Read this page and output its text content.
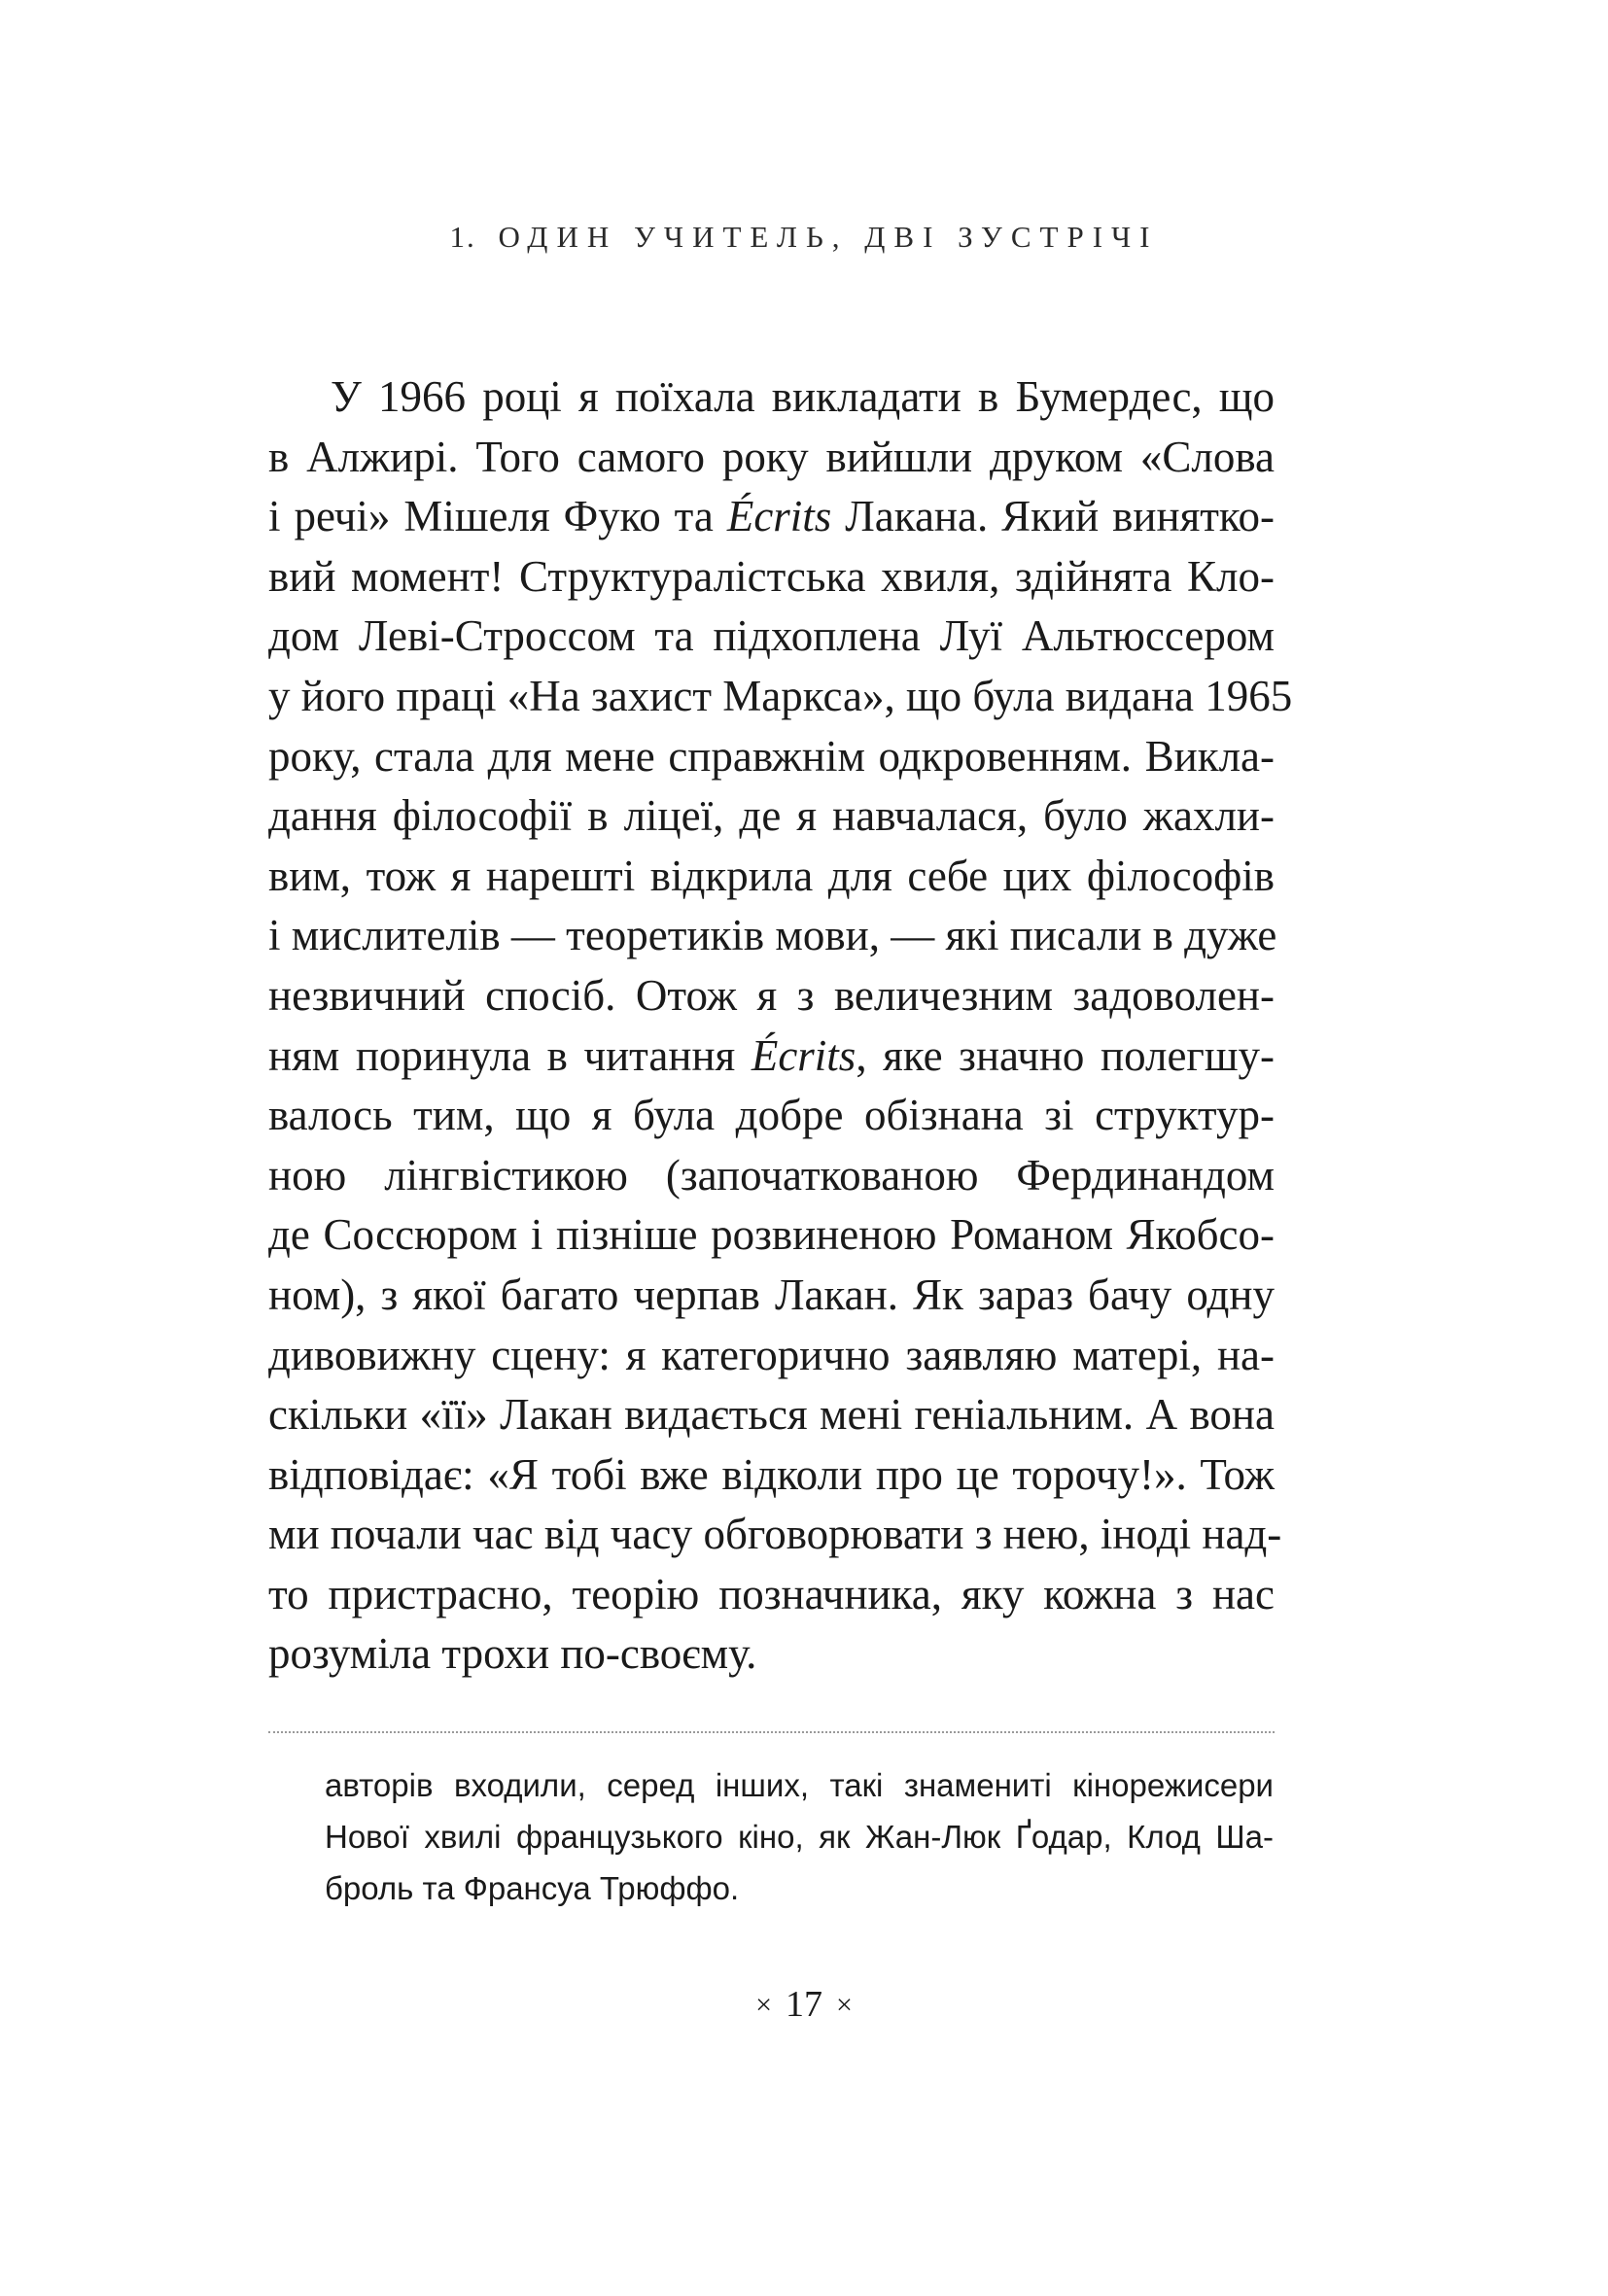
1. ОДИН УЧИТЕЛЬ, ДВІ ЗУСТРІЧІ
У 1966 році я поїхала викладати в Бумердес, що
в Алжирі. Того самого року вийшли друком «Слова
і речі» Мішеля Фуко та Écrits Лакана. Який винятко-
вий момент! Структуралістська хвиля, здійнята Кло-
дом Леві-Строссом та підхоплена Луї Альтюссером
у його праці «На захист Маркса», що була видана 1965
року, стала для мене справжнім одкровенням. Викла-
дання філософії в ліцеї, де я навчалася, було жахли-
вим, тож я нарешті відкрила для себе цих філософів
і мислителів — теоретиків мови, — які писали в дуже
незвичний спосіб. Отож я з величезним задоволен-
ням поринула в читання Écrits, яке значно полегшу-
валось тим, що я була добре обізнана зі структур-
ною лінгвістикою (започаткованою Фердинандом
де Соссюром і пізніше розвиненою Романом Якобсо-
ном), з якої багато черпав Лакан. Як зараз бачу одну
дивовижну сцену: я категорично заявляю матері, на-
скільки «її» Лакан видається мені геніальним. А вона
відповідає: «Я тобі вже відколи про це торочу!». Тож
ми почали час від часу обговорювати з нею, іноді над-
то пристрасно, теорію позначника, яку кожна з нас
розуміла трохи по-своєму.
авторів входили, серед інших, такі знамениті кінорежисери
Нової хвилі французького кіно, як Жан-Люк Ґодар, Клод Ша-
броль та Франсуа Трюффо.
× 17 ×
